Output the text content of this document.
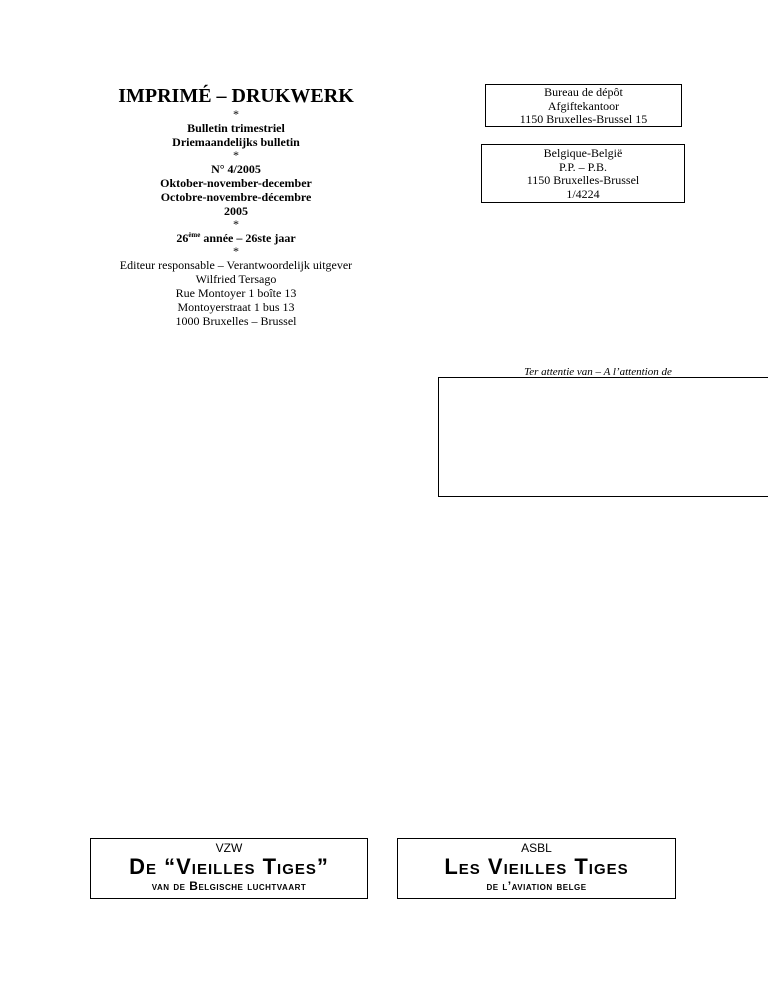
IMPRIMÉ – DRUKWERK
*
Bulletin trimestriel
Driemaandelijks bulletin
*
N° 4/2005
Oktober-november-december
Octobre-novembre-décembre
2005
*
26ème année – 26ste jaar
*
Editeur responsable – Verantwoordelijk uitgever
Wilfried Tersago
Rue Montoyer 1 boîte 13
Montoyerstraat 1 bus 13
1000 Bruxelles – Brussel
Bureau de dépôt
Afgiftekantoor
1150 Bruxelles-Brussel 15
Belgique-België
P.P. – P.B.
1150 Bruxelles-Brussel
1/4224
Ter attentie van – A l’attention de
VZW
De “Vieilles Tiges”
van de Belgische luchtvaart
ASBL
Les Vieilles Tiges
de l’aviation belge
